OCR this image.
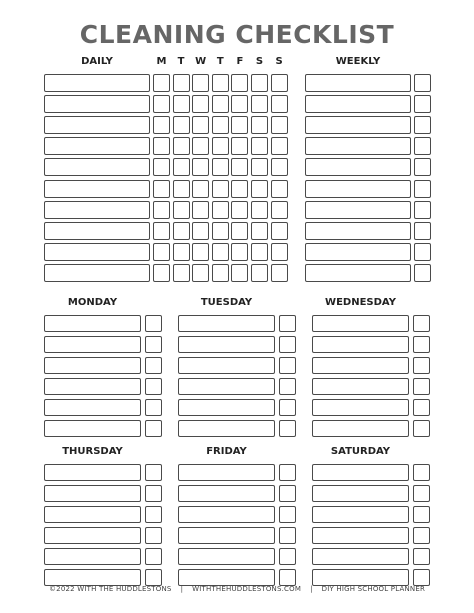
CLEANING CHECKLIST
DAILY	M	T	W	T	F	S	S	WEEKLY
MONDAY	TUESDAY	WEDNESDAY
THURSDAY	FRIDAY	SATURDAY
©2022 WITH THE HUDDLESTONS | WITHTHEHUDDLESTONS.COM | DIY HIGH SCHOOL PLANNER
